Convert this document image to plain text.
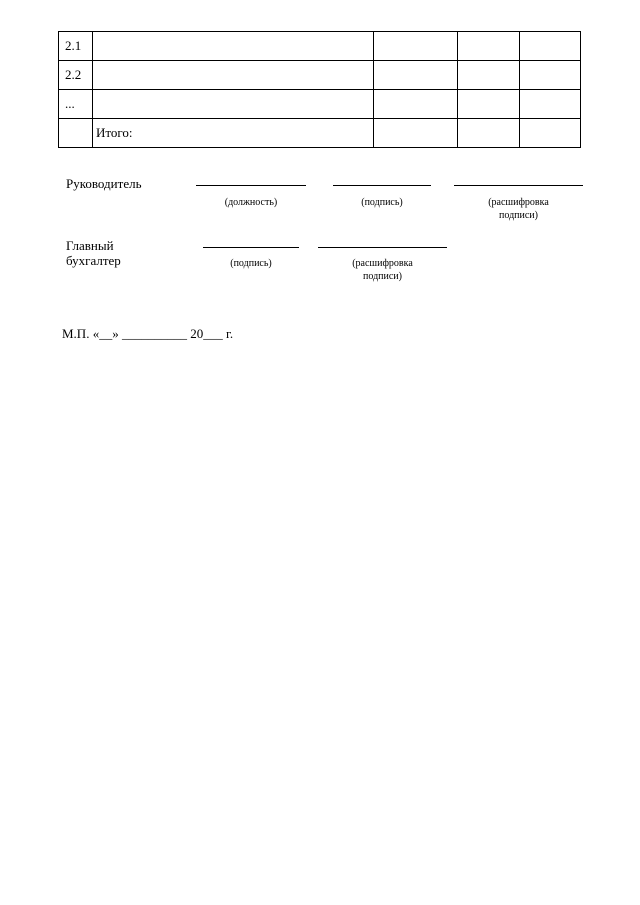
2.1				
2.2				
...				
	Итого:			
Руководитель
(должность)	(подпись)	(расшифровка
подписи)
Главный
бухгалтер	(подпись)	(расшифровка
подписи)
М.П. «__» __________ 20___ г.
